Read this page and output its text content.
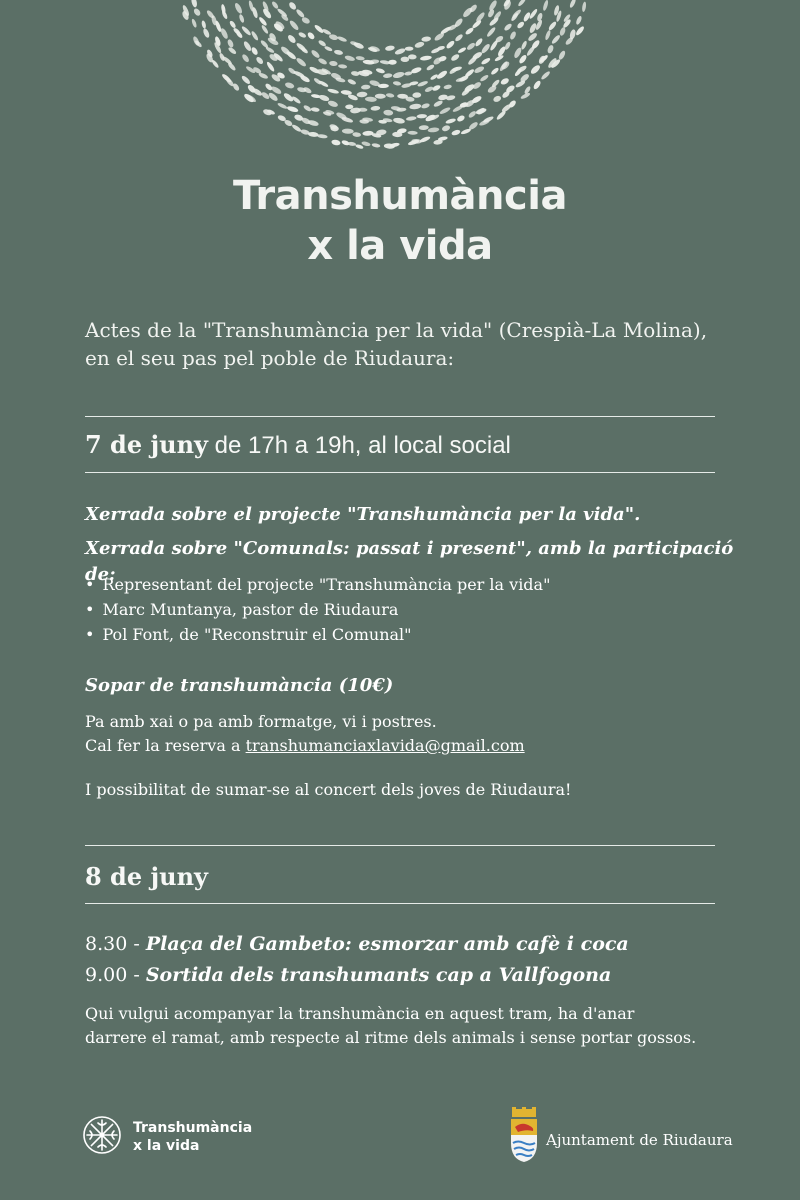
Transhumància
x la vida
Actes de la "Transhumància per la vida" (Crespià-La Molina),
en el seu pas pel poble de Riudaura:
7 de juny de 17h a 19h, al local social
Xerrada sobre el projecte "Transhumància per la vida".
Xerrada sobre "Comunals: passat i present", amb la participació de:
• Representant del projecte "Transhumància per la vida"
• Marc Muntanya, pastor de Riudaura
• Pol Font, de "Reconstruir el Comunal"
Sopar de transhumància (10€)
Pa amb xai o pa amb formatge, vi i postres.
Cal fer la reserva a transhumanciaxlavida@gmail.com
I possibilitat de sumar-se al concert dels joves de Riudaura!
8 de juny
8.30 - Plaça del Gambeto: esmorzar amb cafè i coca
9.00 - Sortida dels transhumants cap a Vallfogona
Qui vulgui acompanyar la transhumància en aquest tram, ha d'anar
darrere el ramat, amb respecte al ritme dels animals i sense portar gossos.
Transhumància
x la vida	Ajuntament de Riudaura
